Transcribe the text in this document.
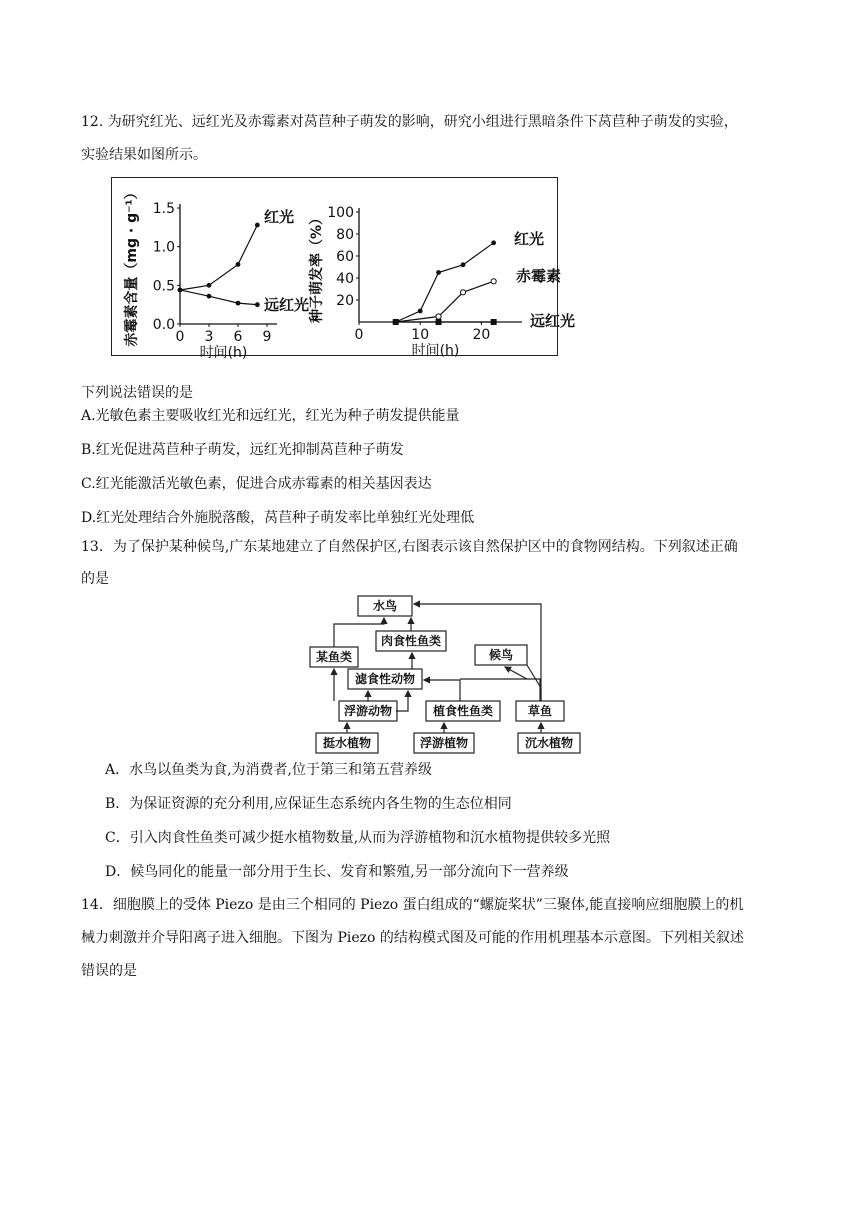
12. 为研究红光、远红光及赤霉素对莴苣种子萌发的影响，研究小组进行黑暗条件下莴苣种子萌发的实验，
实验结果如图所示。
0.0
0.5
1.0
1.5
0 3 6 9
时间(h)
赤霉素含量（mg · g⁻¹）	红光
远红光 20
40
60
80
100
0	10	20
时间(h)
种子萌发率（%）	红光
赤霉素
远红光
下列说法错误的是
A.光敏色素主要吸收红光和远红光，红光为种子萌发提供能量
B.红光促进莴苣种子萌发，远红光抑制莴苣种子萌发
C.红光能激活光敏色素，促进合成赤霉素的相关基因表达
D.红光处理结合外施脱落酸，莴苣种子萌发率比单独红光处理低
13．为了保护某种候鸟,广东某地建立了自然保护区,右图表示该自然保护区中的食物网结构。下列叙述正确
的是
水鸟
肉食性鱼类
某鱼类	候鸟
滤食性动物
浮游动物	植食性鱼类	草鱼
挺水植物	浮游植物	沉水植物
A．水鸟以鱼类为食,为消费者,位于第三和第五营养级
B．为保证资源的充分利用,应保证生态系统内各生物的生态位相同
C．引入肉食性鱼类可减少挺水植物数量,从而为浮游植物和沉水植物提供较多光照
D．候鸟同化的能量一部分用于生长、发育和繁殖,另一部分流向下一营养级
14．细胞膜上的受体 Piezo 是由三个相同的 Piezo 蛋白组成的“螺旋桨状”三聚体,能直接响应细胞膜上的机
械力刺激并介导阳离子进入细胞。下图为 Piezo 的结构模式图及可能的作用机理基本示意图。下列相关叙述
错误的是
